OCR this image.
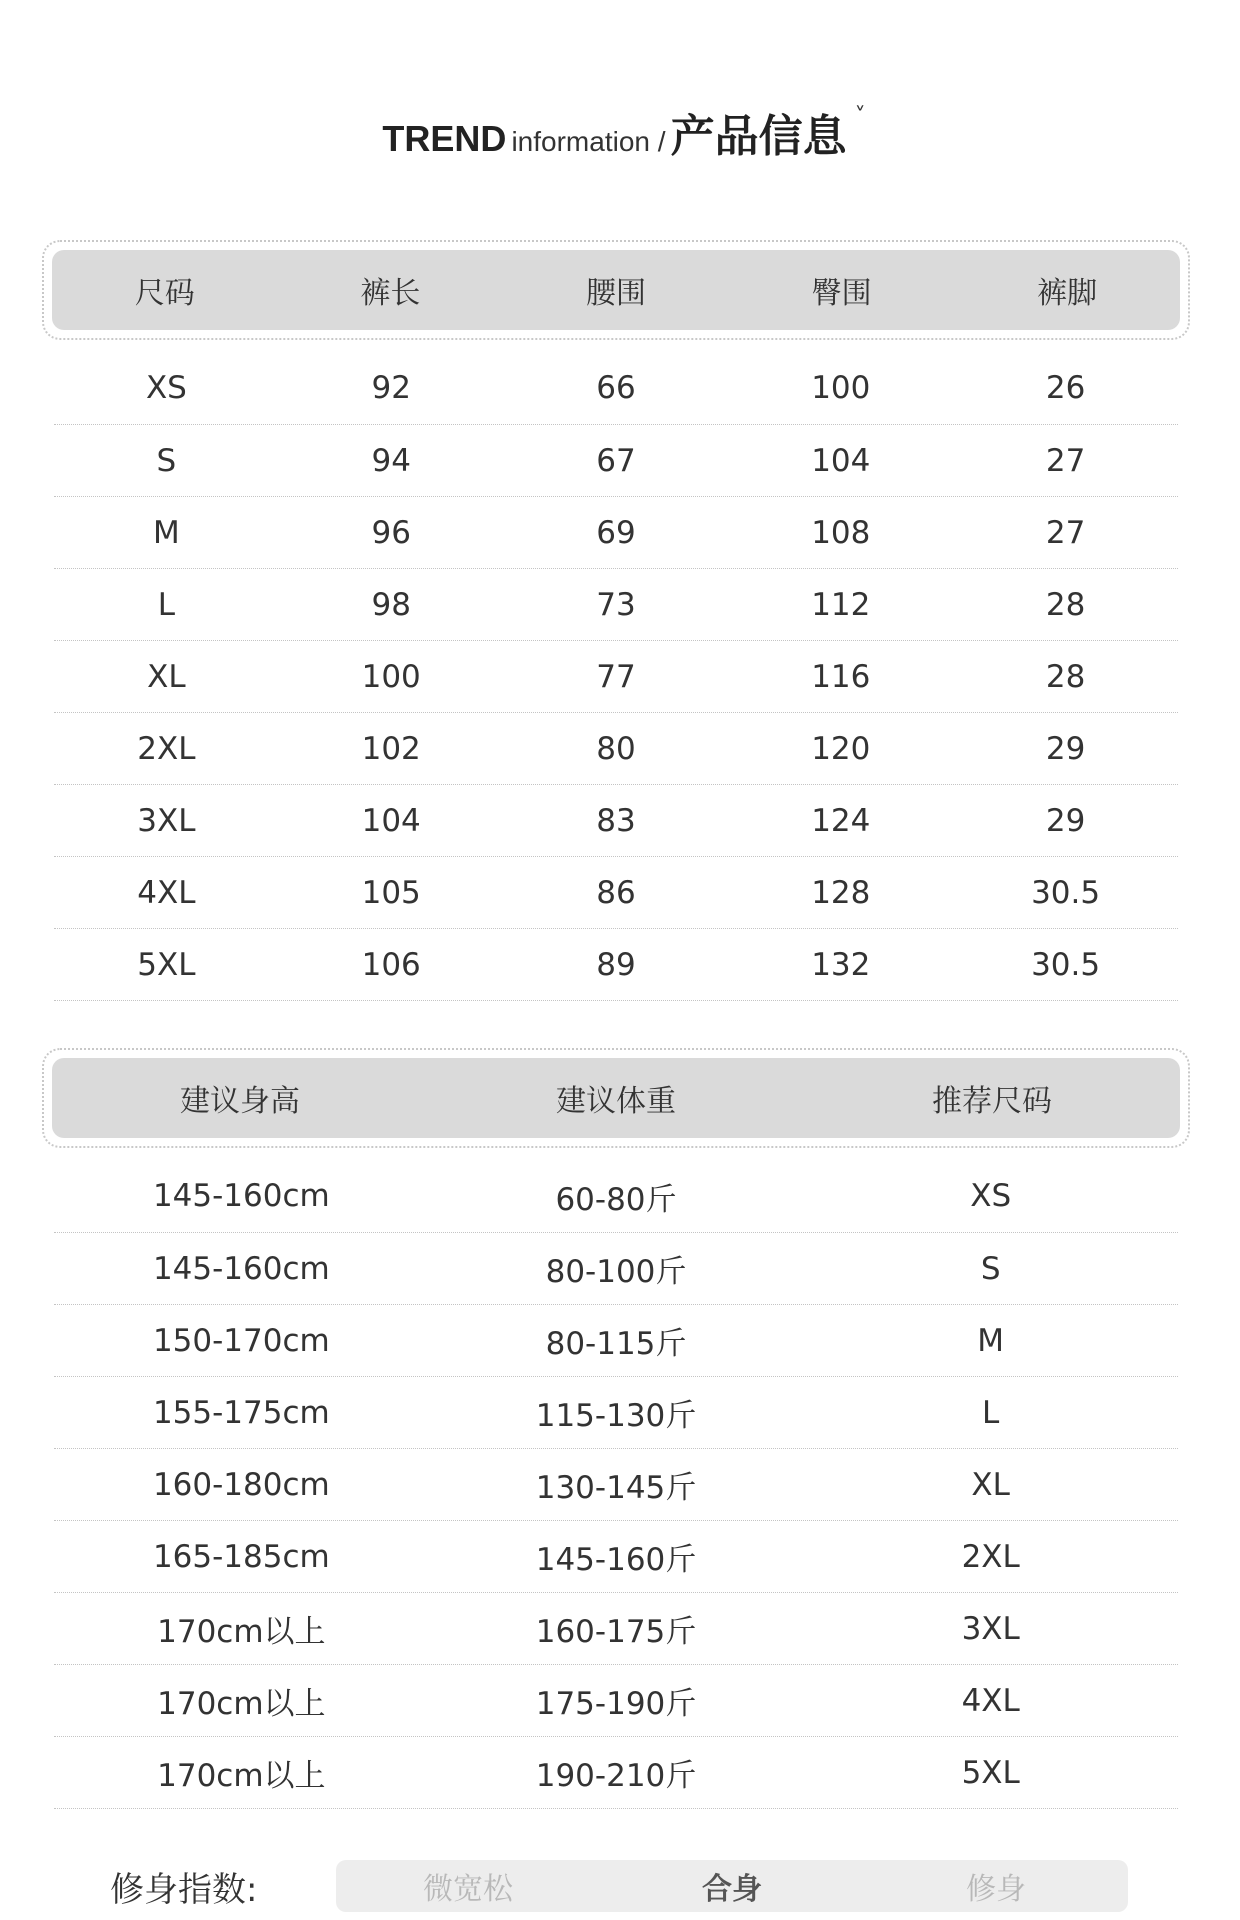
TREND information / 产品信息 ˅
尺码	裤长	腰围	臀围	裤脚
XS	92	66	100	26
S	94	67	104	27
M	96	69	108	27
L	98	73	112	28
XL	100	77	116	28
2XL	102	80	120	29
3XL	104	83	124	29
4XL	105	86	128	30.5
5XL	106	89	132	30.5
建议身高	建议体重	推荐尺码
145-160cm	60-80斤	XS
145-160cm	80-100斤	S
150-170cm	80-115斤	M
155-175cm	115-130斤	L
160-180cm	130-145斤	XL
165-185cm	145-160斤	2XL
170cm以上	160-175斤	3XL
170cm以上	175-190斤	4XL
170cm以上	190-210斤	5XL
修身指数:	微宽松	合身	修身
